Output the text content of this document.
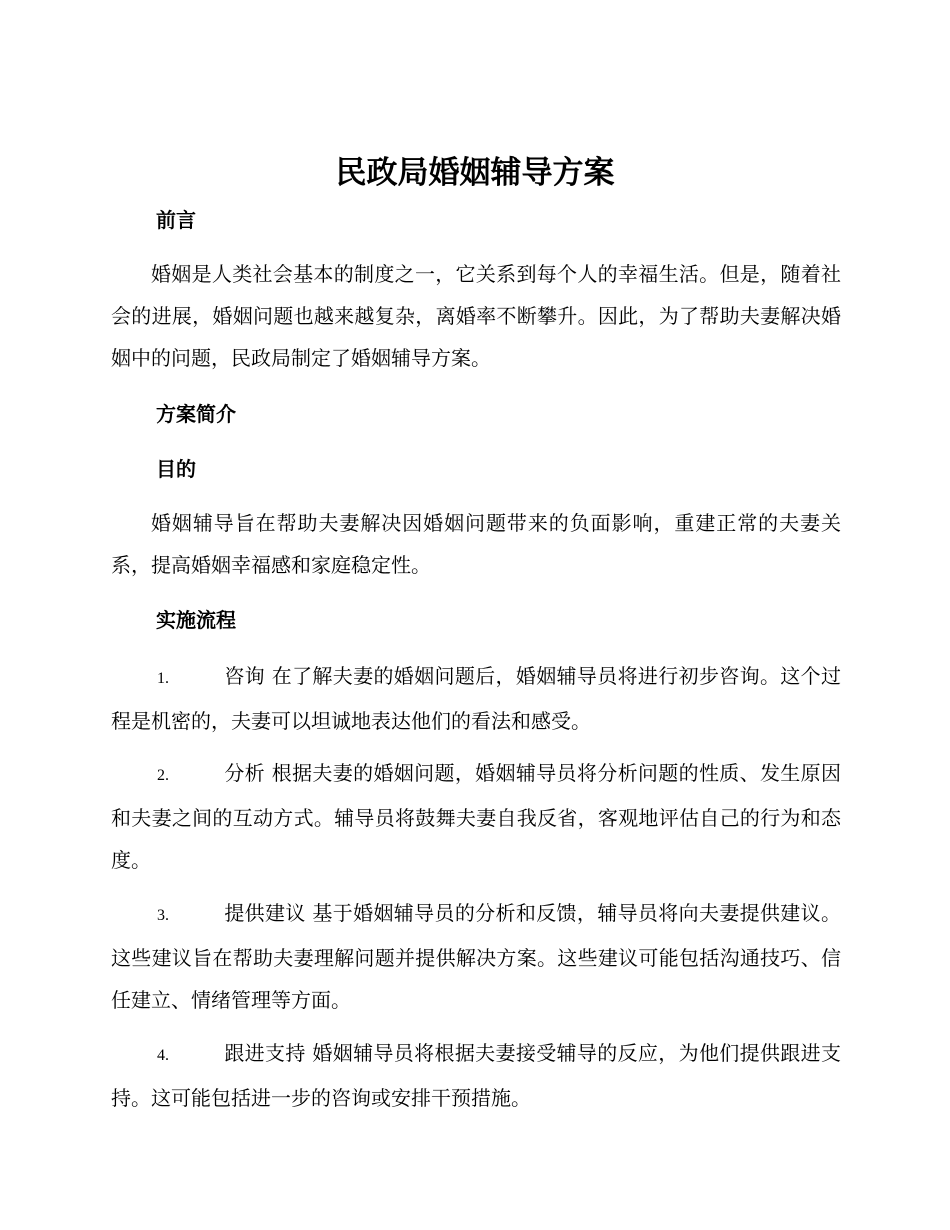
民政局婚姻辅导方案
前言

婚姻是人类社会基本的制度之一，它关系到每个人的幸福生活。但是，随着社会的进展，婚姻问题也越来越复杂，离婚率不断攀升。因此，为了帮助夫妻解决婚姻中的问题，民政局制定了婚姻辅导方案。

方案简介
目的

婚姻辅导旨在帮助夫妻解决因婚姻问题带来的负面影响，重建正常的夫妻关系，提高婚姻幸福感和家庭稳定性。

实施流程

1.	咨询 在了解夫妻的婚姻问题后，婚姻辅导员将进行初步咨询。这个过程是机密的，夫妻可以坦诚地表达他们的看法和感受。

2.	分析 根据夫妻的婚姻问题，婚姻辅导员将分析问题的性质、发生原因和夫妻之间的互动方式。辅导员将鼓舞夫妻自我反省，客观地评估自己的行为和态度。

3.	提供建议 基于婚姻辅导员的分析和反馈，辅导员将向夫妻提供建议。这些建议旨在帮助夫妻理解问题并提供解决方案。这些建议可能包括沟通技巧、信任建立、情绪管理等方面。

4.	跟进支持 婚姻辅导员将根据夫妻接受辅导的反应，为他们提供跟进支持。这可能包括进一步的咨询或安排干预措施。
